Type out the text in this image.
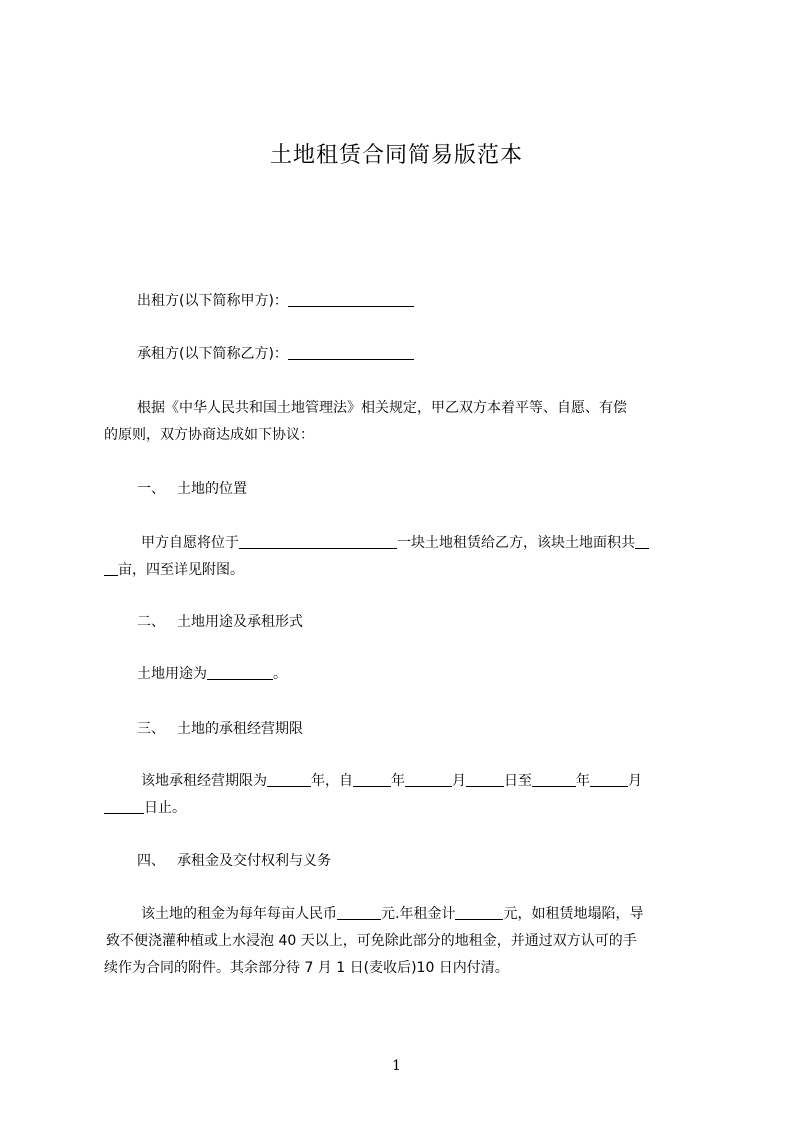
土地租赁合同简易版范本
出租方(以下简称甲方)：
承租方(以下简称乙方)：
根据《中华人民共和国土地管理法》相关规定，甲乙双方本着平等、自愿、有偿
的原则，双方协商达成如下协议：
一、 土地的位置
甲方自愿将位于	一块土地租赁给乙方，该块土地面积共
亩，四至详见附图。
二、 土地用途及承租形式
土地用途为	。
三、 土地的承租经营期限
该地承租经营期限为	年，自	年	月	日至	年	月
日止。
四、 承租金及交付权利与义务
该土地的租金为每年每亩人民币	元.年租金计	元，如租赁地塌陷，导
致不便浇灌种植或上水浸泡 40 天以上，可免除此部分的地租金，并通过双方认可的手
续作为合同的附件。其余部分待 7 月 1 日(麦收后)10 日内付清。
1
